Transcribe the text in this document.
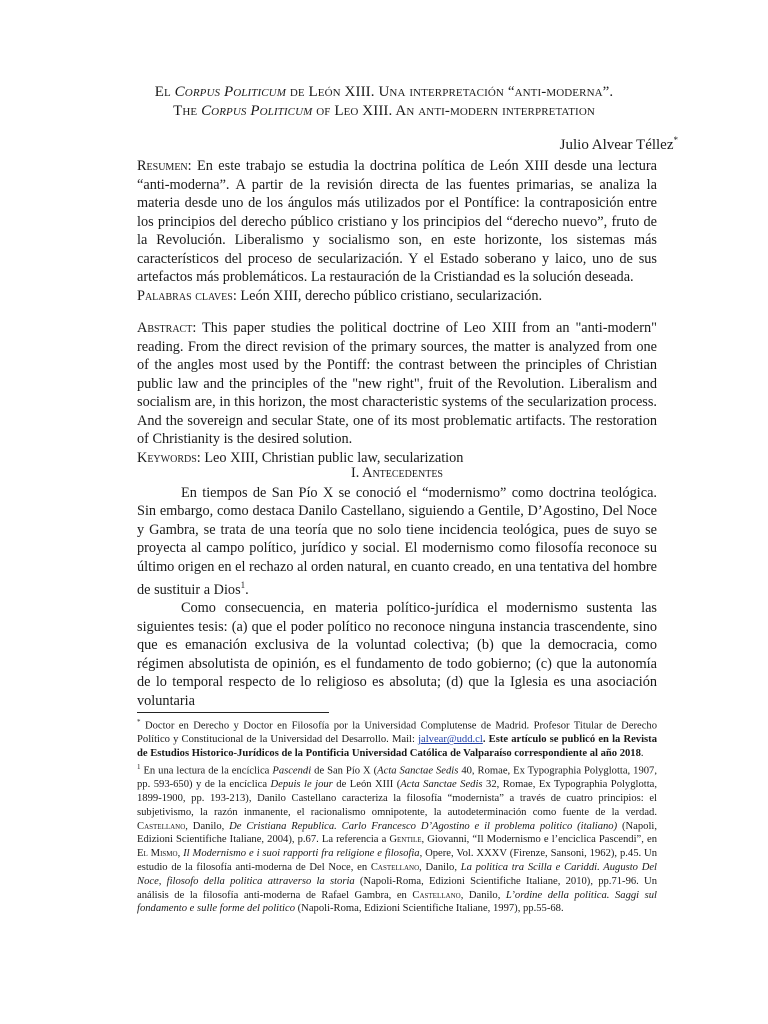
El Corpus Politicum de León XIII. Una interpretación “anti-moderna”.
The Corpus Politicum of Leo XIII. An anti-modern interpretation
Julio Alvear Téllez*
Resumen: En este trabajo se estudia la doctrina política de León XIII desde una lectura “anti-moderna”. A partir de la revisión directa de las fuentes primarias, se analiza la materia desde uno de los ángulos más utilizados por el Pontífice: la contraposición entre los principios del derecho público cristiano y los principios del “derecho nuevo”, fruto de la Revolución. Liberalismo y socialismo son, en este horizonte, los sistemas más característicos del proceso de secularización. Y el Estado soberano y laico, uno de sus artefactos más problemáticos. La restauración de la Cristiandad es la solución deseada.
Palabras claves: León XIII, derecho público cristiano, secularización.
Abstract: This paper studies the political doctrine of Leo XIII from an "anti-modern" reading. From the direct revision of the primary sources, the matter is analyzed from one of the angles most used by the Pontiff: the contrast between the principles of Christian public law and the principles of the "new right", fruit of the Revolution. Liberalism and socialism are, in this horizon, the most characteristic systems of the secularization process. And the sovereign and secular State, one of its most problematic artifacts. The restoration of Christianity is the desired solution.
Keywords: Leo XIII, Christian public law, secularization
I. Antecedentes

En tiempos de San Pío X se conoció el “modernismo” como doctrina teológica. Sin embargo, como destaca Danilo Castellano, siguiendo a Gentile, D’Agostino, Del Noce y Gambra, se trata de una teoría que no solo tiene incidencia teológica, pues de suyo se proyecta al campo político, jurídico y social. El modernismo como filosofía reconoce su último origen en el rechazo al orden natural, en cuanto creado, en una tentativa del hombre de sustituir a Dios$^1$.

Como consecuencia, en materia político-jurídica el modernismo sustenta las siguientes tesis: (a) que el poder político no reconoce ninguna instancia trascendente, sino que es emanación exclusiva de la voluntad colectiva; (b) que la democracia, como régimen absolutista de opinión, es el fundamento de todo gobierno; (c) que la autonomía de lo temporal respecto de lo religioso es absoluta; (d) que la Iglesia es una asociación voluntaria

* Doctor en Derecho y Doctor en Filosofía por la Universidad Complutense de Madrid. Profesor Titular de Derecho Político y Constitucional de la Universidad del Desarrollo. Mail: jalvear@udd.cl. Este artículo se publicó en la Revista de Estudios Historico-Jurídicos de la Pontificia Universidad Católica de Valparaíso correspondiente al año 2018.

$^1$ En una lectura de la encíclica Pascendi de San Pío X (Acta Sanctae Sedis 40, Romae, Ex Typographia Polyglotta, 1907, pp. 593-650) y de la encíclica Depuis le jour de León XIII (Acta Sanctae Sedis 32, Romae, Ex Typographia Polyglotta, 1899-1900, pp. 193-213), Danilo Castellano caracteriza la filosofía “modernista” a través de cuatro principios: el subjetivismo, la razón inmanente, el racionalismo omnipotente, la autodeterminación como fuente de la verdad. Castellano, Danilo, De Cristiana Republica. Carlo Francesco D’Agostino e il problema politico (italiano) (Napoli, Edizioni Scientifiche Italiane, 2004), p.67. La referencia a Gentile, Giovanni, “Il Modernismo e l’enciclica Pascendi”, en El Mismo, Il Modernismo e i suoi rapporti fra religione e filosofia, Opere, Vol. XXXV (Firenze, Sansoni, 1962), p.45. Un estudio de la filosofía anti-moderna de Del Noce, en Castellano, Danilo, La politica tra Scilla e Cariddi. Augusto Del Noce, filosofo della politica attraverso la storia (Napoli-Roma, Edizioni Scientifiche Italiane, 2010), pp.71-96. Un análisis de la filosofía anti-moderna de Rafael Gambra, en Castellano, Danilo, L’ordine della politica. Saggi sul fondamento e sulle forme del politico (Napoli-Roma, Edizioni Scientifiche Italiane, 1997), pp.55-68.
